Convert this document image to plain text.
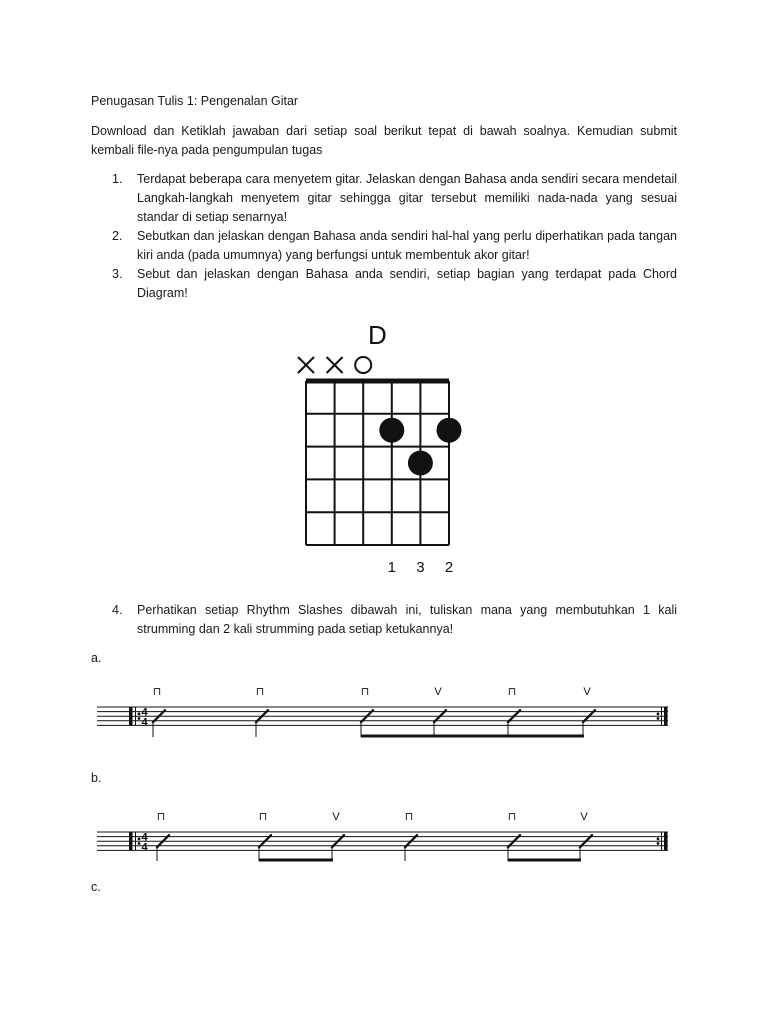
Penugasan Tulis 1: Pengenalan Gitar
Download dan Ketiklah jawaban dari setiap soal berikut tepat di bawah soalnya. Kemudian submit kembali file-nya pada pengumpulan tugas
1. Terdapat beberapa cara menyetem gitar. Jelaskan dengan Bahasa anda sendiri secara mendetail Langkah-langkah menyetem gitar sehingga gitar tersebut memiliki nada-nada yang sesuai standar di setiap senarnya!
2. Sebutkan dan jelaskan dengan Bahasa anda sendiri hal-hal yang perlu diperhatikan pada tangan kiri anda (pada umumnya) yang berfungsi untuk membentuk akor gitar!
3. Sebut dan jelaskan dengan Bahasa anda sendiri, setiap bagian yang terdapat pada Chord Diagram!
D
1 3 2
4. Perhatikan setiap Rhythm Slashes dibawah ini, tuliskan mana yang membutuhkan 1 kali strumming dan 2 kali strumming pada setiap ketukannya!
a.
b.
c.
4
4
⊓	⊓	⊓	V	⊓	V
4
4
⊓	⊓	V	⊓	⊓	V
